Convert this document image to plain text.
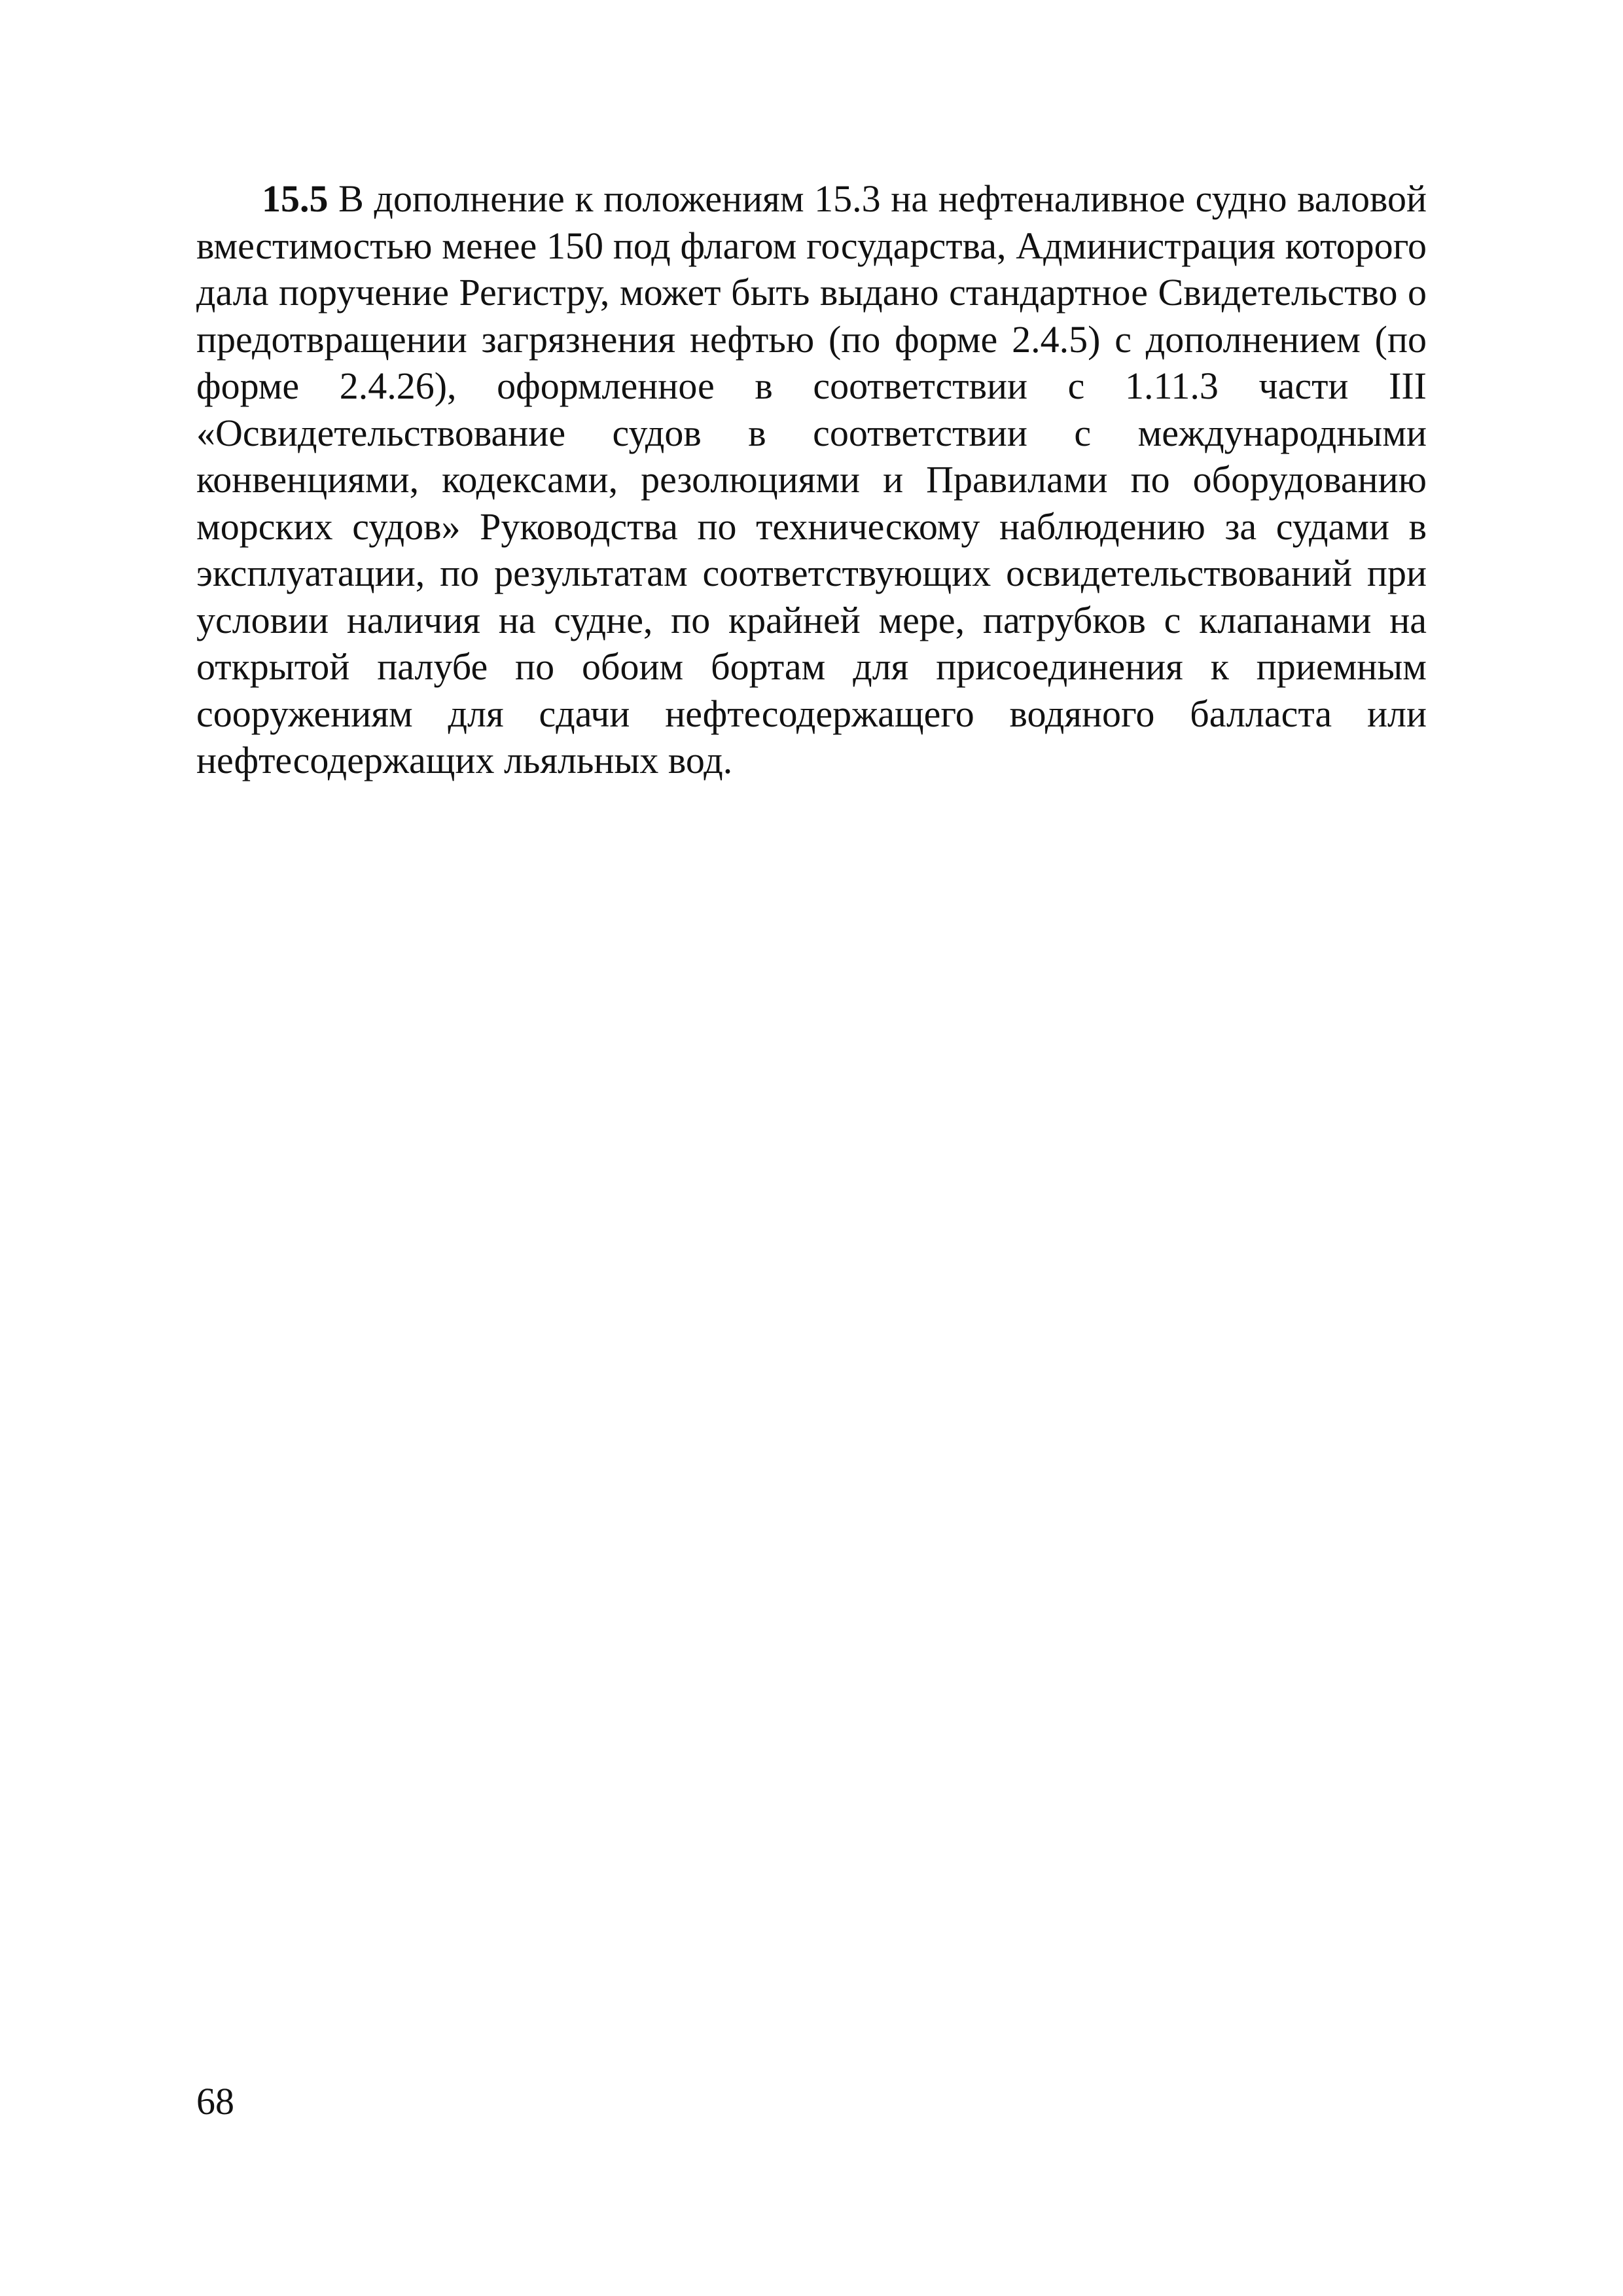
15.5 В дополнение к положениям 15.3 на нефтеналивное судно валовой вместимостью менее 150 под флагом государства, Администрация которого дала поручение Регистру, может быть выдано стандартное Свидетельство о предотвращении загрязнения нефтью (по форме 2.4.5) с дополнением (по форме 2.4.26), оформленное в соответствии с 1.11.3 части III «Освидетельствование судов в соответствии с международными конвенциями, кодексами, резолюциями и Правилами по оборудованию морских судов» Руководства по техническому наблюдению за судами в эксплуатации, по результатам соответствующих освидетельствований при условии наличия на судне, по крайней мере, патрубков с клапанами на открытой палубе по обоим бортам для присоединения к приемным сооружениям для сдачи нефтесодержащего водяного балласта или нефтесодержащих льяльных вод.

68
